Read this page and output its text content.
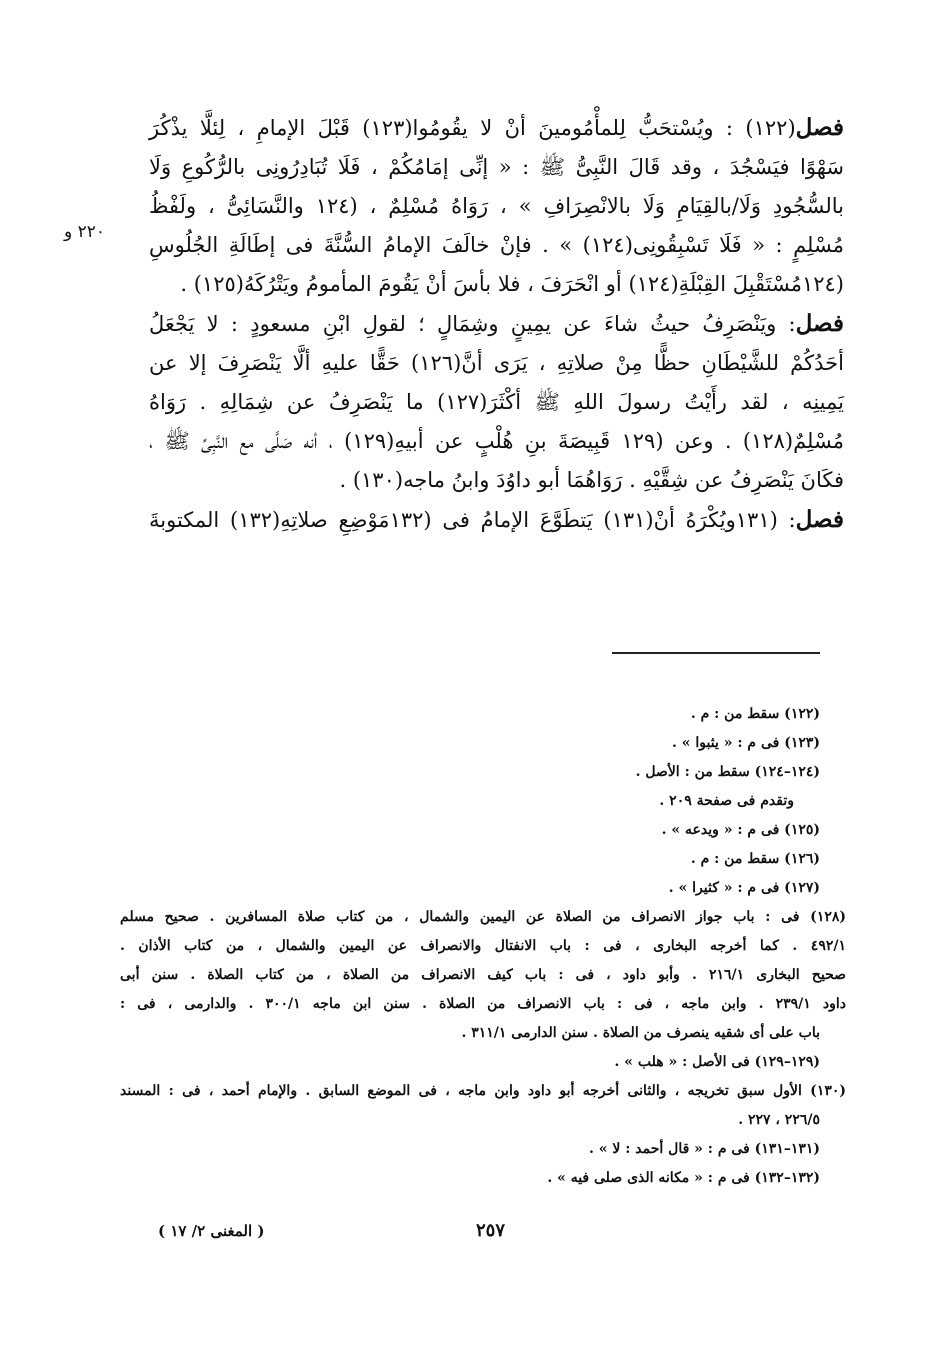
٢٢٠ و
فصل(١٢٢) : ويُسْتحَبُّ لِلمأْمُومينَ أنْ لا يقُومُوا(١٢٣) قَبْلَ الإمامِ ، لِئلَّا يذْكُرَ
سَهْوًا فيَسْجُدَ ، وقد قَالَ النَّبِىُّ ﷺ : « إنِّى إمَامُكُمْ ، فَلَا تُبَادِرُونِى بالرُّكُوعِ وَلَا
بالسُّجُودِ وَلَا/بالقِيَامِ وَلَا بالانْصِرَافِ » ، رَوَاهُ مُسْلِمٌ ، (١٢٤ والنَّسَائِىُّ ، ولَفْظُ
مُسْلِمٍ : « فَلَا تَسْبِقُونِى(١٢٤) » . فإنْ خالَفَ الإمامُ السُّنَّةَ فى إطَالَةِ الجُلُوسِ
(١٢٤مُسْتَقْبِلَ القِبْلَةِ(١٢٤) أو انْحَرَفَ ، فلا بأسَ أنْ يَقُومَ المأمومُ ويَتْرُكَهُ(١٢٥) .
فصل: ويَنْصَرِفُ حيثُ شاءَ عن يمِينٍ وشِمَالٍ ؛ لقولِ ابْنِ مسعودٍ : لا يَجْعَلُ
أحَدُكُمْ للشَّيْطَانِ حظًّا مِنْ صلاتِهِ ، يَرَى أنَّ(١٢٦) حَقًّا عليهِ ألَّا يَنْصَرِفَ إلا عن
يَمِينِه ، لقد رأَيْتُ رسولَ اللهِ ﷺ أكْثَرَ(١٢٧) ما يَنْصَرِفُ عن شِمَالِهِ . رَوَاهُ
مُسْلِمٌ(١٢٨) . وعن (١٢٩ قَبِيصَةَ بنِ هُلْبٍ عن أبيهِ(١٢٩) ، أنه صَلَّى مع النَّبِىِّ ﷺ ،
فكَانَ يَنْصَرِفُ عن شِقَّيْهِ . رَوَاهُمَا أبو داوُدَ وابنُ ماجه(١٣٠) .
فصل: (١٣١ويُكْرَهُ أنْ(١٣١) يَتطَوَّعَ الإمامُ فى (١٣٢مَوْضِعِ صلاتِهِ(١٣٢) المكتوبةَ
(١٢٢) سقط من : م .
(١٢٣) فى م : « يثبوا » .
(١٢٤–١٢٤) سقط من : الأصل .
وتقدم فى صفحة ٢٠٩ .
(١٢٥) فى م : « ويدعه » .
(١٢٦) سقط من : م .
(١٢٧) فى م : « كثيرا » .
(١٢٨) فى : باب جواز الانصراف من الصلاة عن اليمين والشمال ، من كتاب صلاة المسافرين . صحيح مسلم
٤٩٢/١ . كما أخرجه البخارى ، فى : باب الانفتال والانصراف عن اليمين والشمال ، من كتاب الأذان .
صحيح البخارى ٢١٦/١ . وأبو داود ، فى : باب كيف الانصراف من الصلاة ، من كتاب الصلاة . سنن أبى
داود ٢٣٩/١ . وابن ماجه ، فى : باب الانصراف من الصلاة . سنن ابن ماجه ٣٠٠/١ . والدارمى ، فى :
باب على أى شقيه ينصرف من الصلاة . سنن الدارمى ٣١١/١ .
(١٢٩–١٢٩) فى الأصل : « هلب » .
(١٣٠) الأول سبق تخريجه ، والثانى أخرجه أبو داود وابن ماجه ، فى الموضع السابق . والإمام أحمد ، فى : المسند
٢٢٦/٥ ، ٢٢٧ .
(١٣١–١٣١) فى م : « قال أحمد : لا » .
(١٣٢–١٣٢) فى م : « مكانه الذى صلى فيه » .
٢٥٧
( المغنى ٢/ ١٧ )
